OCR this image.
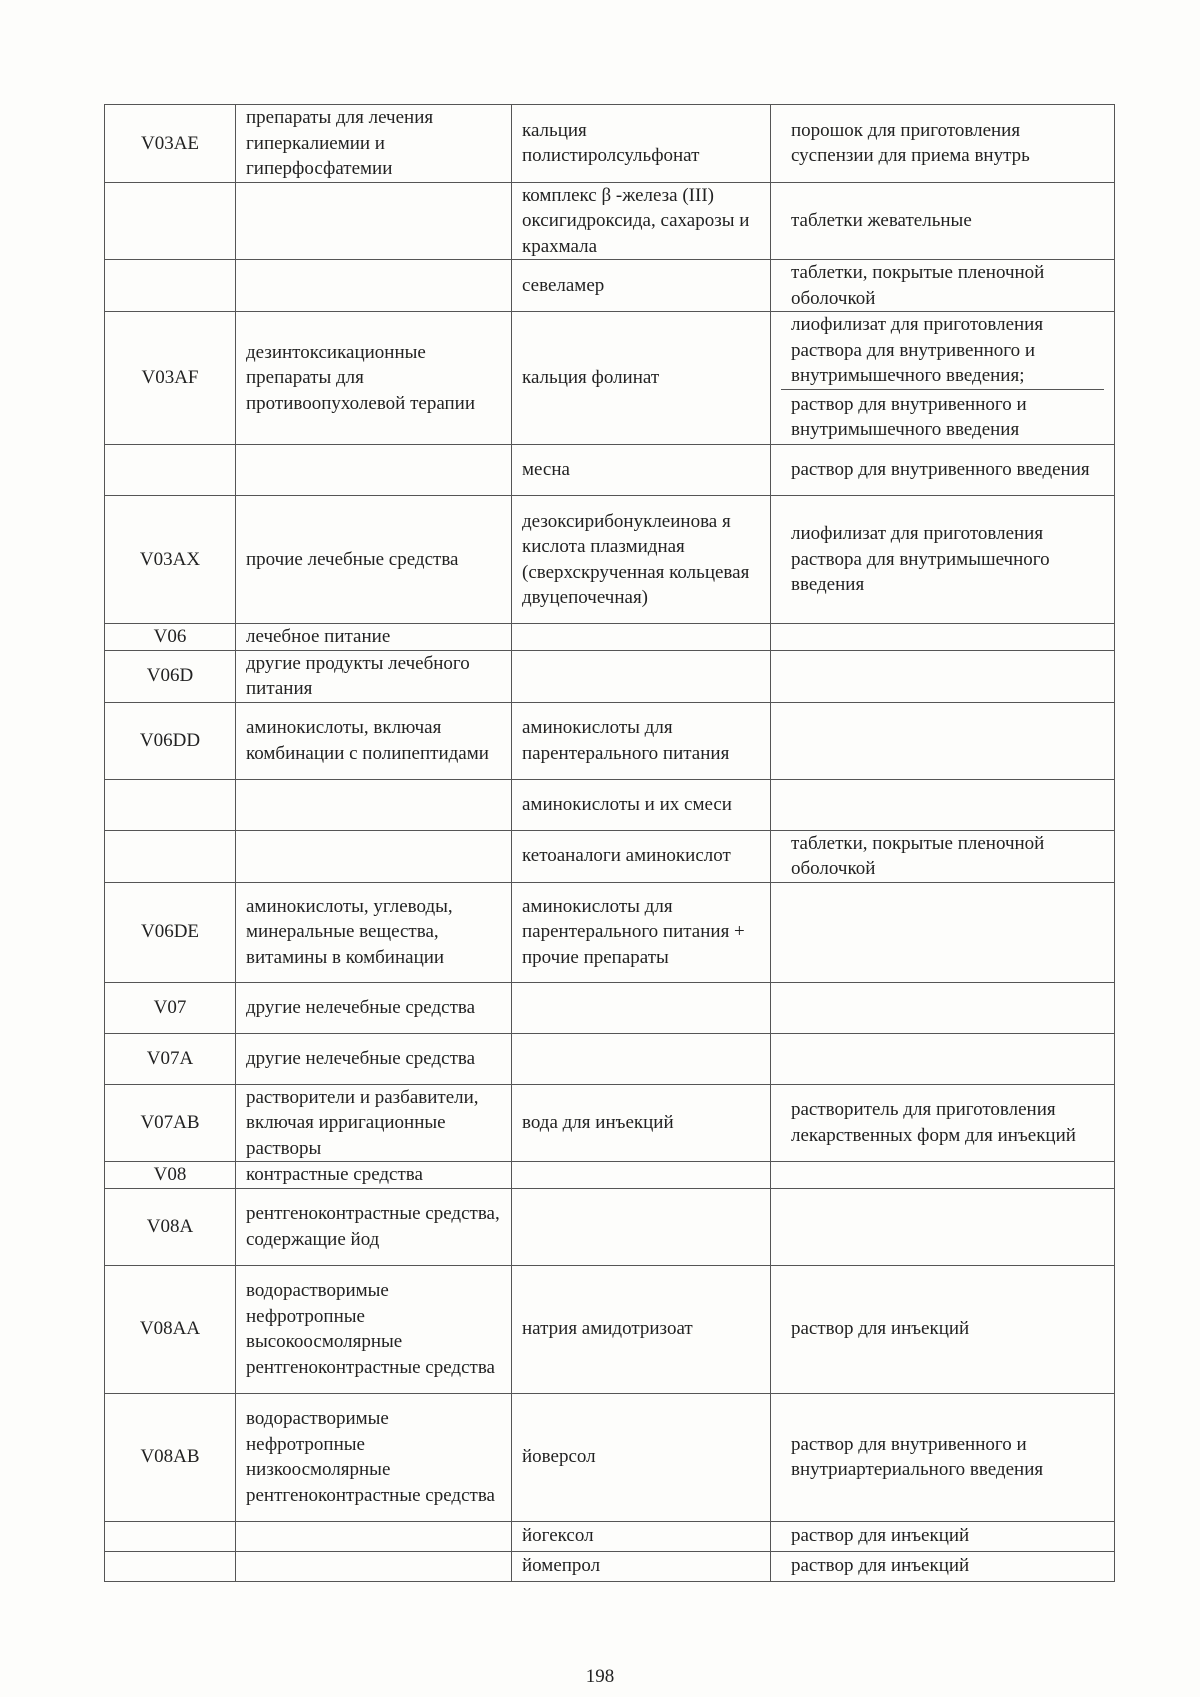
V03AE	препараты для лечения гиперкалиемии и гиперфосфатемии	кальция полистиролсульфонат	порошок для приготовления суспензии для приема внутрь

		комплекс β -железа (III) оксигидроксида, сахарозы и крахмала	таблетки жевательные

		севеламер	таблетки, покрытые пленочной оболочкой

V03AF	дезинтоксикационные препараты для противоопухолевой терапии	кальция фолинат	лиофилизат для приготовления раствора для внутривенного и внутримышечного введения;
раствор для внутривенного и внутримышечного введения

		месна	раствор для внутривенного введения

V03AX	прочие лечебные средства	дезоксирибонуклеинова я кислота плазмидная (сверхскрученная кольцевая двуцепочечная)	лиофилизат для приготовления раствора для внутримышечного введения

V06	лечебное питание		

V06D	другие продукты лечебного питания		

V06DD	аминокислоты, включая комбинации с полипептидами	аминокислоты для парентерального питания	

		аминокислоты и их смеси	

		кетоаналоги аминокислот	таблетки, покрытые пленочной оболочкой

V06DE	аминокислоты, углеводы, минеральные вещества, витамины в комбинации	аминокислоты для парентерального питания + прочие препараты	

V07	другие нелечебные средства		

V07A	другие нелечебные средства		

V07AB	растворители и разбавители, включая ирригационные растворы	вода для инъекций	растворитель для приготовления лекарственных форм для инъекций

V08	контрастные средства		

V08A	рентгеноконтрастные средства, содержащие йод		

V08AA	водорастворимые нефротропные высокоосмолярные рентгеноконтрастные средства	натрия амидотризоат	раствор для инъекций

V08AB	водорастворимые нефротропные низкоосмолярные рентгеноконтрастные средства	йоверсол	раствор для внутривенного и внутриартериального введения

		йогексол	раствор для инъекций

		йомепрол	раствор для инъекций
198
